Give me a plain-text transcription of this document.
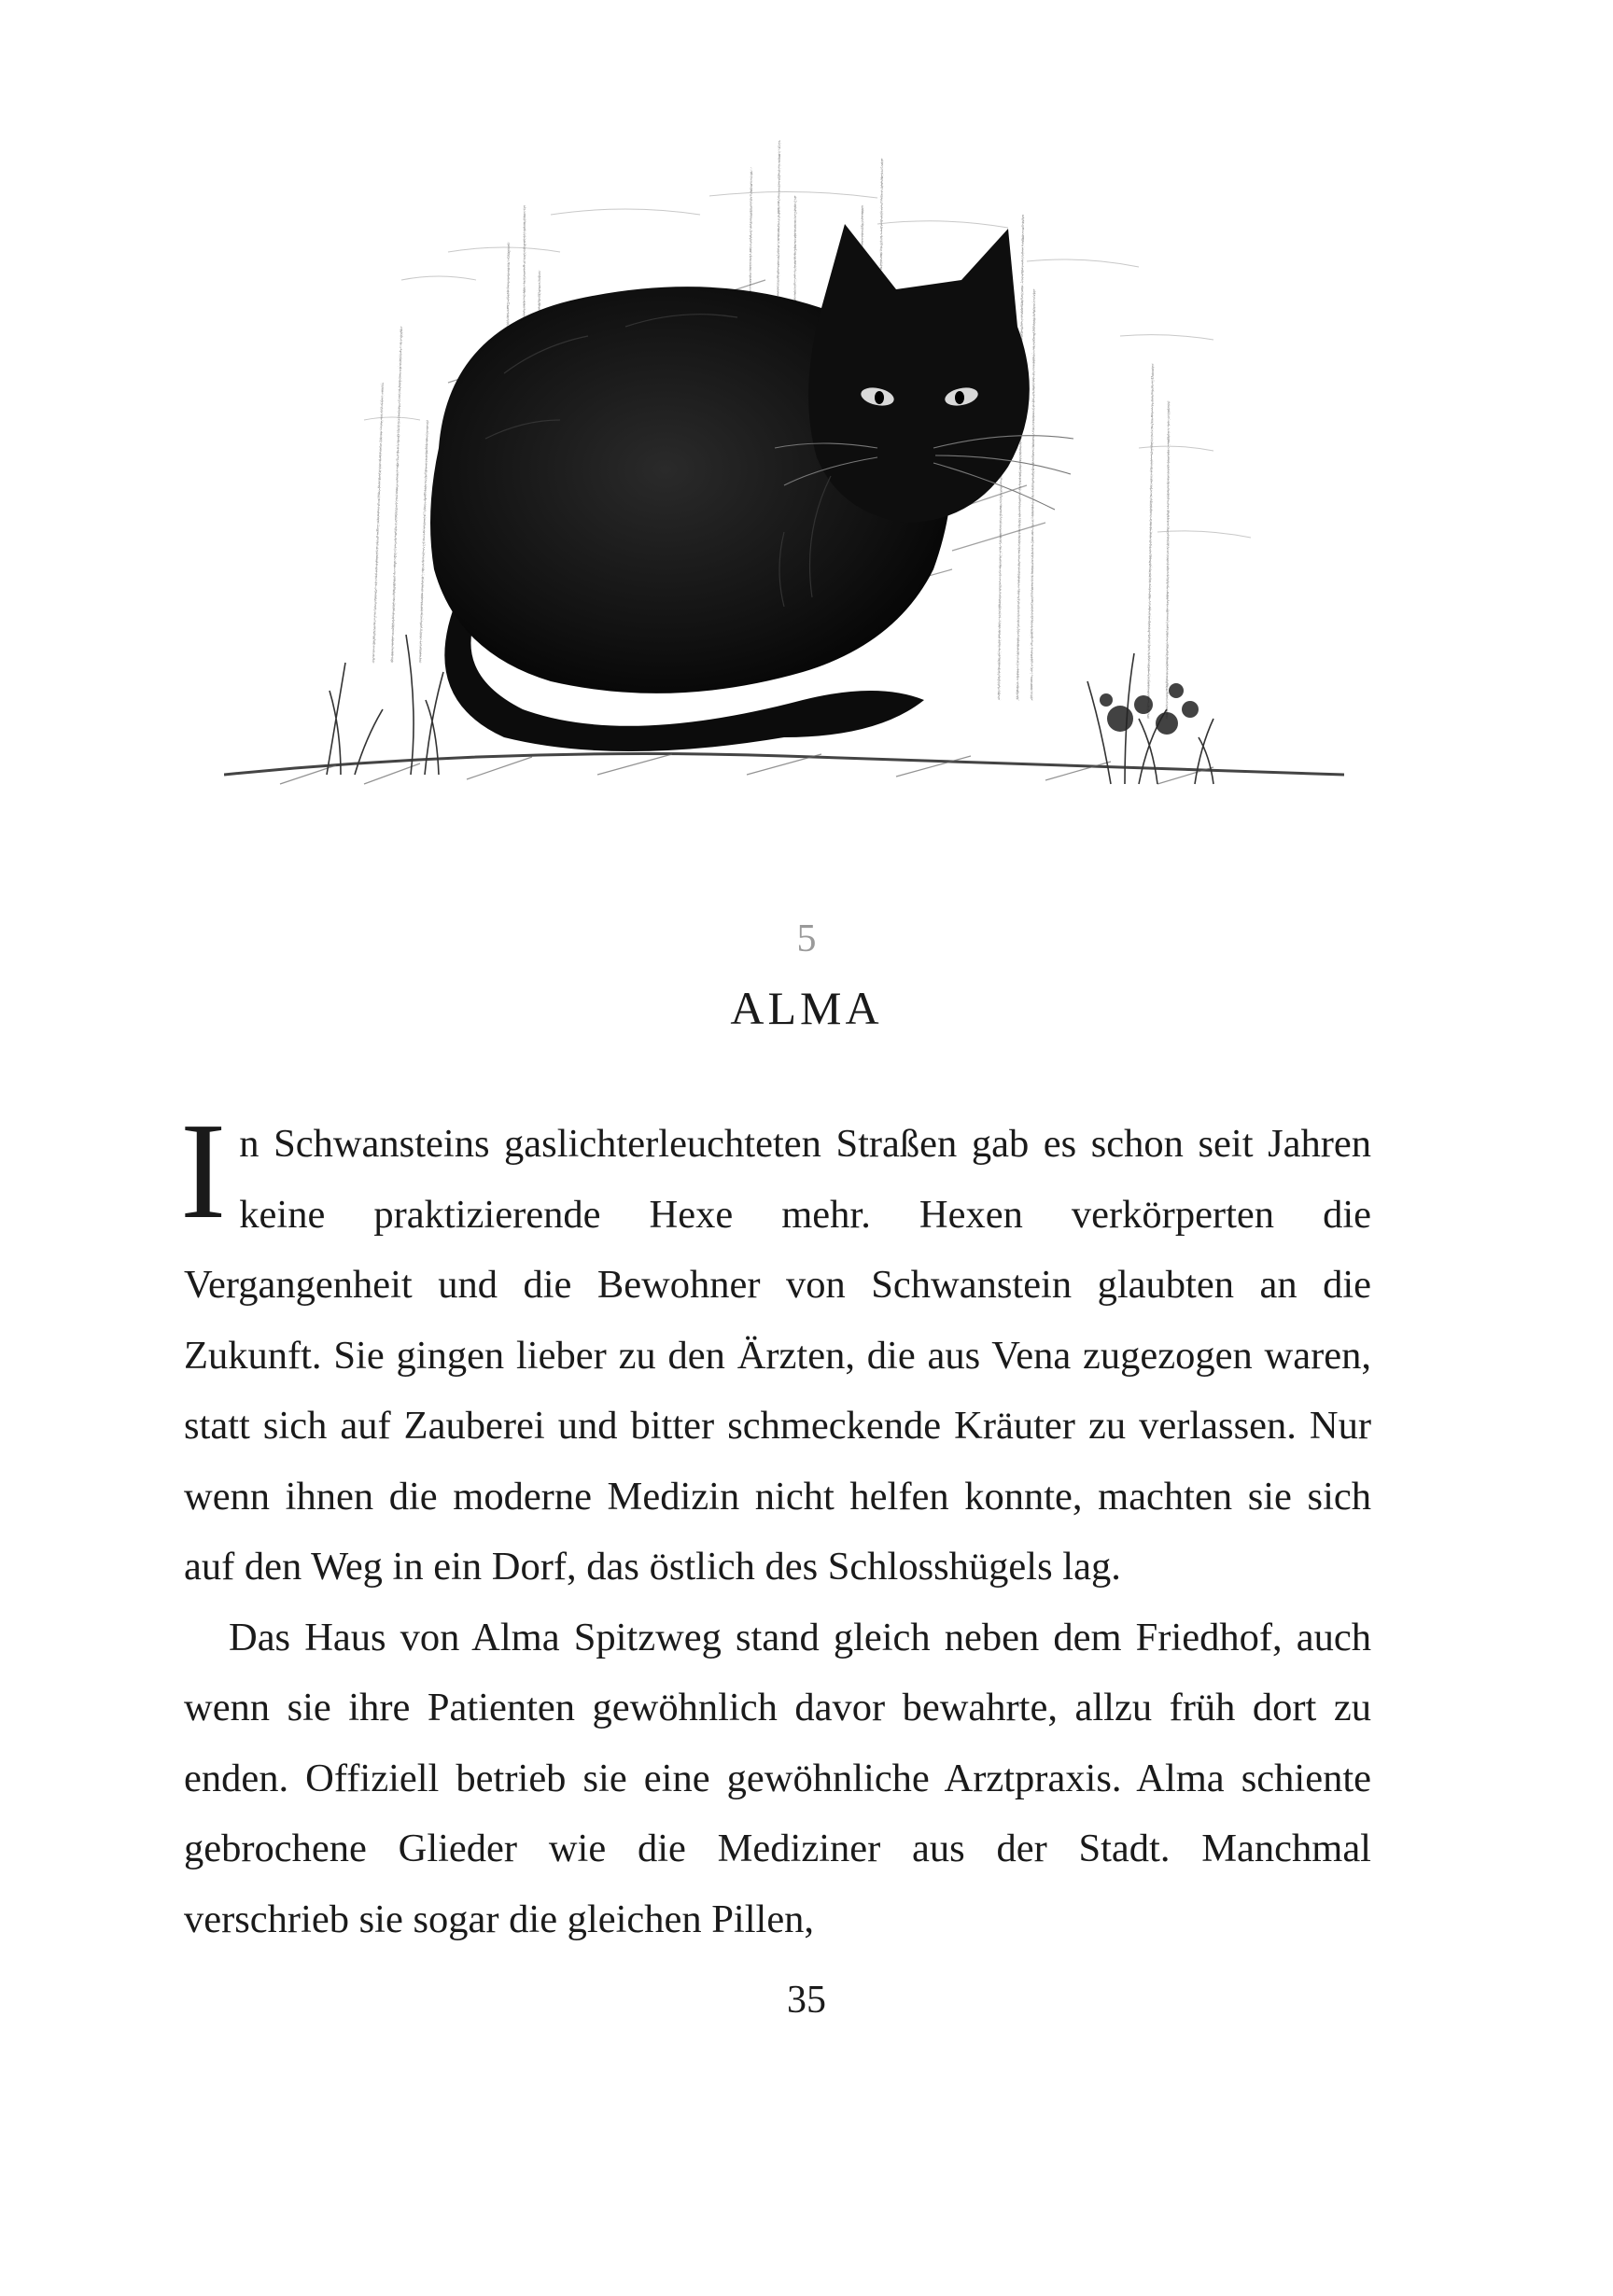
5
ALMA

In Schwansteins gaslichterleuchteten Straßen gab es schon seit Jahren keine praktizierende Hexe mehr. Hexen verkörperten die Vergangenheit und die Bewohner von Schwanstein glaubten an die Zukunft. Sie gingen lieber zu den Ärzten, die aus Vena zugezogen waren, statt sich auf Zauberei und bitter schmeckende Kräuter zu verlassen. Nur wenn ihnen die moderne Medizin nicht helfen konnte, machten sie sich auf den Weg in ein Dorf, das östlich des Schlosshügels lag.

Das Haus von Alma Spitzweg stand gleich neben dem Friedhof, auch wenn sie ihre Patienten gewöhnlich davor bewahrte, allzu früh dort zu enden. Offiziell betrieb sie eine gewöhnliche Arztpraxis. Alma schiente gebrochene Glieder wie die Mediziner aus der Stadt. Manchmal verschrieb sie sogar die gleichen Pillen,

35
